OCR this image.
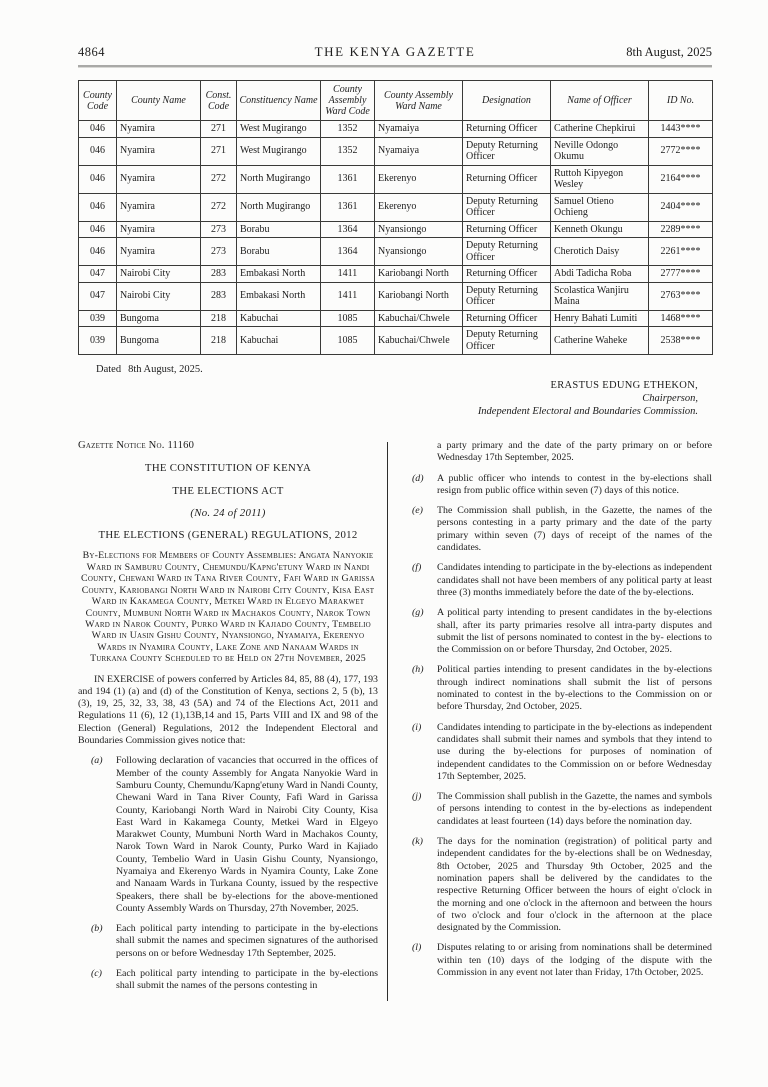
4864	THE KENYA GAZETTE	8th August, 2025
County Code	County Name	Const. Code	Constituency Name	County Assembly Ward Code	County Assembly Ward Name	Designation	Name of Officer	ID No.
046	Nyamira	271	West Mugirango	1352	Nyamaiya	Returning Officer	Catherine Chepkirui	1443****
046	Nyamira	271	West Mugirango	1352	Nyamaiya	Deputy Returning Officer	Neville Odongo Okumu	2772****
046	Nyamira	272	North Mugirango	1361	Ekerenyo	Returning Officer	Ruttoh Kipyegon Wesley	2164****
046	Nyamira	272	North Mugirango	1361	Ekerenyo	Deputy Returning Officer	Samuel Otieno Ochieng	2404****
046	Nyamira	273	Borabu	1364	Nyansiongo	Returning Officer	Kenneth Okungu	2289****
046	Nyamira	273	Borabu	1364	Nyansiongo	Deputy Returning Officer	Cherotich Daisy	2261****
047	Nairobi City	283	Embakasi North	1411	Kariobangi North	Returning Officer	Abdi Tadicha Roba	2777****
047	Nairobi City	283	Embakasi North	1411	Kariobangi North	Deputy Returning Officer	Scolastica Wanjiru Maina	2763****
039	Bungoma	218	Kabuchai	1085	Kabuchai/Chwele	Returning Officer	Henry Bahati Lumiti	1468****
039	Bungoma	218	Kabuchai	1085	Kabuchai/Chwele	Deputy Returning Officer	Catherine Waheke	2538****
Dated 8th August, 2025.
ERASTUS EDUNG ETHEKON,
Chairperson,
Independent Electoral and Boundaries Commission.
Gazette Notice No. 11160
THE CONSTITUTION OF KENYA
THE ELECTIONS ACT
(No. 24 of 2011)
THE ELECTIONS (GENERAL) REGULATIONS, 2012
By-Elections for Members of County Assemblies: Angata Nanyokie Ward in Samburu County, Chemundu/Kapng'etuny Ward in Nandi County, Chewani Ward in Tana River County, Fafi Ward in Garissa County, Kariobangi North Ward in Nairobi City County, Kisa East Ward in Kakamega County, Metkei Ward in Elgeyo Marakwet County, Mumbuni North Ward in Machakos County, Narok Town Ward in Narok County, Purko Ward in Kajiado County, Tembelio Ward in Uasin Gishu County, Nyansiongo, Nyamaiya, Ekerenyo Wards in Nyamira County, Lake Zone and Nanaam Wards in Turkana County Scheduled to be Held on 27th November, 2025
IN EXERCISE of powers conferred by Articles 84, 85, 88 (4), 177, 193 and 194 (1) (a) and (d) of the Constitution of Kenya, sections 2, 5 (b), 13 (3), 19, 25, 32, 33, 38, 43 (5A) and 74 of the Elections Act, 2011 and Regulations 11 (6), 12 (1),13B,14 and 15, Parts VIII and IX and 98 of the Election (General) Regulations, 2012 the Independent Electoral and Boundaries Commission gives notice that:
(a)	Following declaration of vacancies that occurred in the offices of Member of the county Assembly for Angata Nanyokie Ward in Samburu County, Chemundu/Kapng'etuny Ward in Nandi County, Chewani Ward in Tana River County, Fafi Ward in Garissa County, Kariobangi North Ward in Nairobi City County, Kisa East Ward in Kakamega County, Metkei Ward in Elgeyo Marakwet County, Mumbuni North Ward in Machakos County, Narok Town Ward in Narok County, Purko Ward in Kajiado County, Tembelio Ward in Uasin Gishu County, Nyansiongo, Nyamaiya and Ekerenyo Wards in Nyamira County, Lake Zone and Nanaam Wards in Turkana County, issued by the respective Speakers, there shall be by-elections for the above-mentioned County Assembly Wards on Thursday, 27th November, 2025.
(b)	Each political party intending to participate in the by-elections shall submit the names and specimen signatures of the authorised persons on or before Wednesday 17th September, 2025.
(c)	Each political party intending to participate in the by-elections shall submit the names of the persons contesting in
a party primary and the date of the party primary on or before Wednesday 17th September, 2025.
(d)	A public officer who intends to contest in the by-elections shall resign from public office within seven (7) days of this notice.
(e)	The Commission shall publish, in the Gazette, the names of the persons contesting in a party primary and the date of the party primary within seven (7) days of receipt of the names of the candidates.
(f)	Candidates intending to participate in the by-elections as independent candidates shall not have been members of any political party at least three (3) months immediately before the date of the by-elections.
(g)	A political party intending to present candidates in the by-elections shall, after its party primaries resolve all intra-party disputes and submit the list of persons nominated to contest in the by- elections to the Commission on or before Thursday, 2nd October, 2025.
(h)	Political parties intending to present candidates in the by-elections through indirect nominations shall submit the list of persons nominated to contest in the by-elections to the Commission on or before Thursday, 2nd October, 2025.
(i)	Candidates intending to participate in the by-elections as independent candidates shall submit their names and symbols that they intend to use during the by-elections for purposes of nomination of independent candidates to the Commission on or before Wednesday 17th September, 2025.
(j)	The Commission shall publish in the Gazette, the names and symbols of persons intending to contest in the by-elections as independent candidates at least fourteen (14) days before the nomination day.
(k)	The days for the nomination (registration) of political party and independent candidates for the by-elections shall be on Wednesday, 8th October, 2025 and Thursday 9th October, 2025 and the nomination papers shall be delivered by the candidates to the respective Returning Officer between the hours of eight o'clock in the morning and one o'clock in the afternoon and between the hours of two o'clock and four o'clock in the afternoon at the place designated by the Commission.
(l)	Disputes relating to or arising from nominations shall be determined within ten (10) days of the lodging of the dispute with the Commission in any event not later than Friday, 17th October, 2025.
